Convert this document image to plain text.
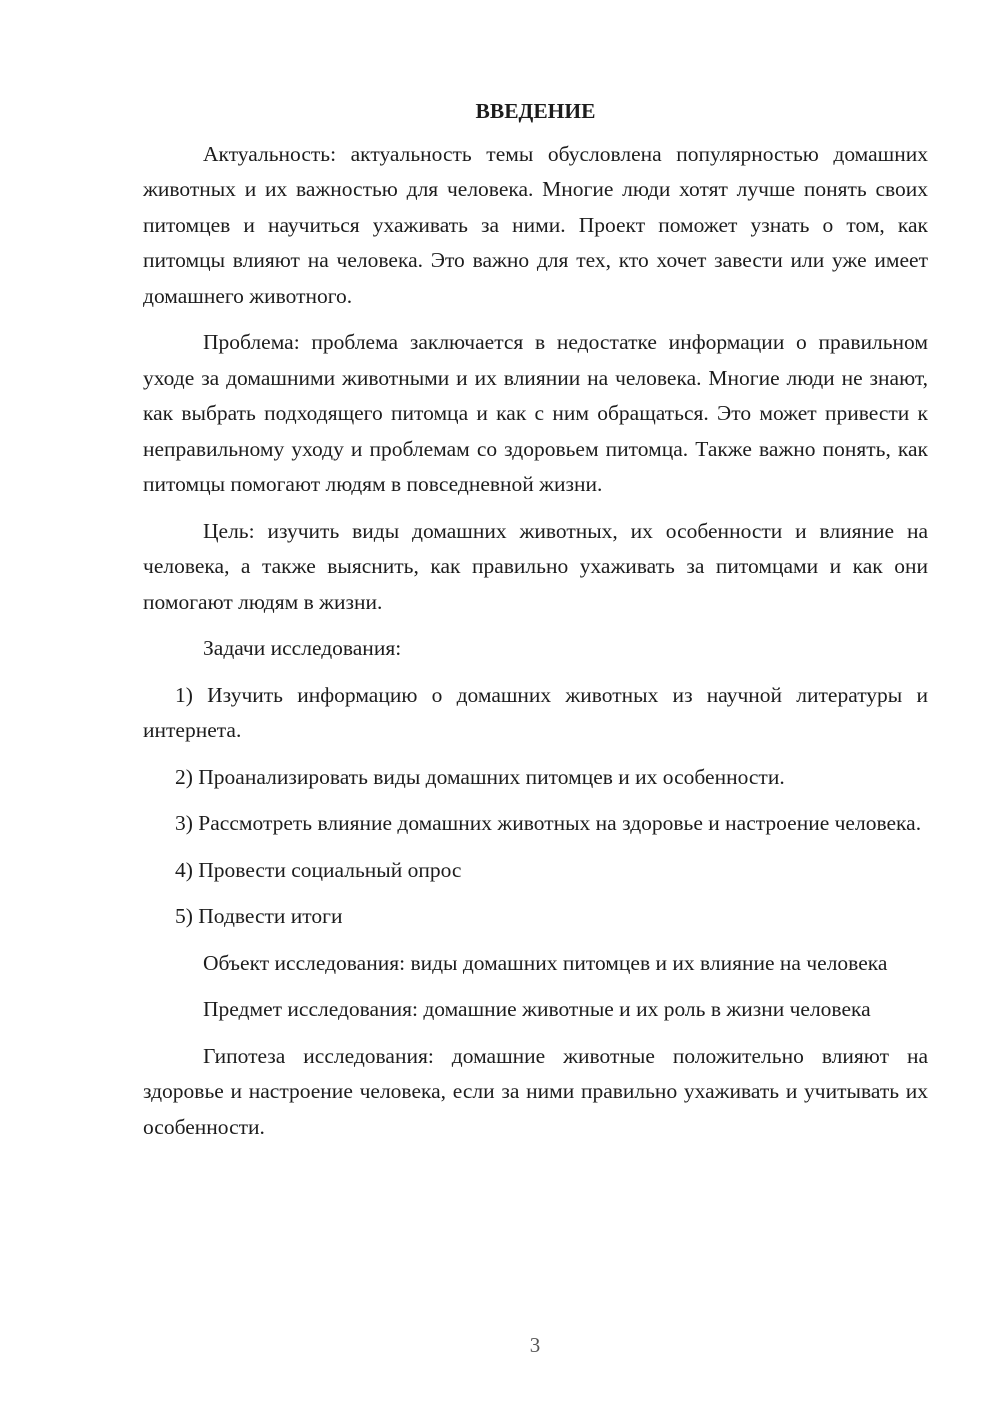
ВВЕДЕНИЕ

Актуальность: актуальность темы обусловлена популярностью домашних животных и их важностью для человека. Многие люди хотят лучше понять своих питомцев и научиться ухаживать за ними. Проект поможет узнать о том, как питомцы влияют на человека. Это важно для тех, кто хочет завести или уже имеет домашнего животного.

Проблема: проблема заключается в недостатке информации о правильном уходе за домашними животными и их влиянии на человека. Многие люди не знают, как выбрать подходящего питомца и как с ним обращаться. Это может привести к неправильному уходу и проблемам со здоровьем питомца. Также важно понять, как питомцы помогают людям в повседневной жизни.

Цель: изучить виды домашних животных, их особенности и влияние на человека, а также выяснить, как правильно ухаживать за питомцами и как они помогают людям в жизни.

Задачи исследования:

1) Изучить информацию о домашних животных из научной литературы и интернета.

2) Проанализировать виды домашних питомцев и их особенности.

3) Рассмотреть влияние домашних животных на здоровье и настроение человека.

4) Провести социальный опрос

5) Подвести итоги

Объект исследования: виды домашних питомцев и их влияние на человека

Предмет исследования: домашние животные и их роль в жизни человека

Гипотеза исследования: домашние животные положительно влияют на здоровье и настроение человека, если за ними правильно ухаживать и учитывать их особенности.

3
